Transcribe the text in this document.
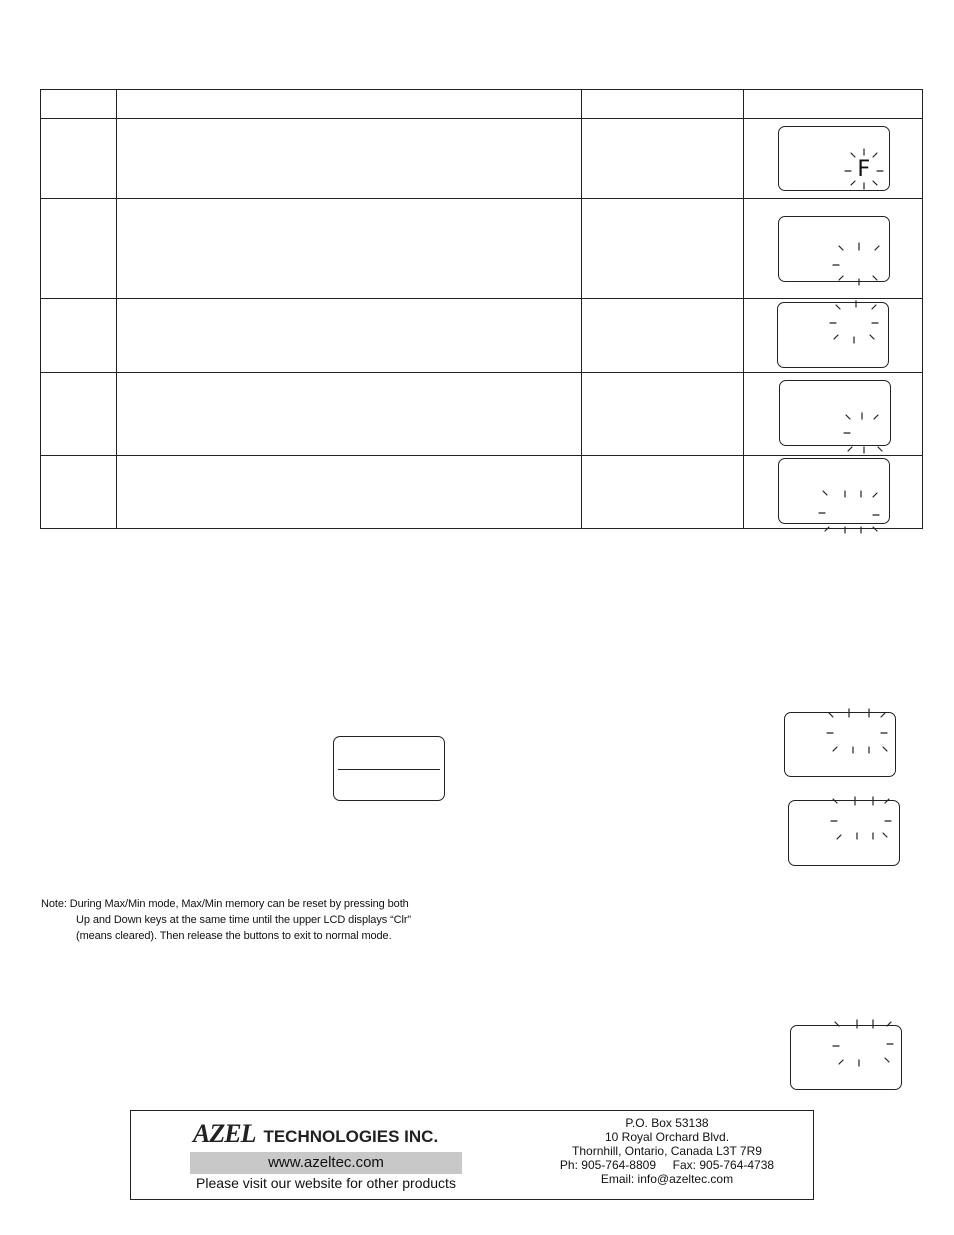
F
Note: During Max/Min mode, Max/Min memory can be reset by pressing both
Up and Down keys at the same time until the upper LCD displays “Clr”
(means cleared). Then release the buttons to exit to normal mode.
AZEL TECHNOLOGIES INC.
www.azeltec.com
Please visit our website for other products
P.O. Box 53138
10 Royal Orchard Blvd.
Thornhill, Ontario, Canada L3T 7R9
Ph: 905-764-8809     Fax: 905-764-4738
Email: info@azeltec.com
